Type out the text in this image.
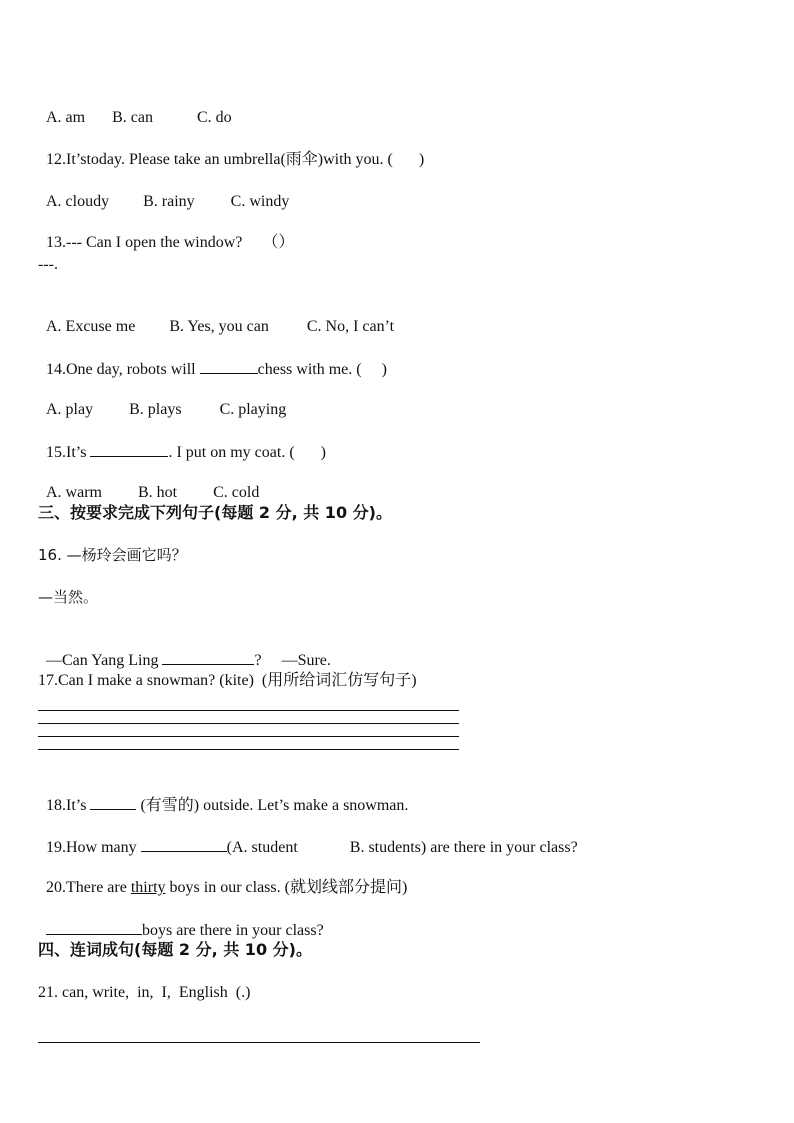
A. am B. can	C. do

12.It’stoday. Please take an umbrella(雨伞)with you. ( )

A. cloudy B. rainy C. windy

13.--- Can I open the window? （）

---.

A. Excuse me B. Yes, you can C. No, I can’t

14.One day, robots will	chess with me. ( )

A. play B. plays C. playing

15.It’s	. I put on my coat. ( )

A. warm B. hot C. cold

三、按要求完成下列句子(每题 2 分, 共 10 分)。
16. —杨玲会画它吗？
—当然。

—Can Yang Ling	? —Sure.

17.Can I make a snowman? (kite)  (用所给词汇仿写句子)

18.It’s	(有雪的) outside. Let’s make a snowman.

19.How many	(A. student	B. students) are there in your class?

20.There are thirty boys in our class. (就划线部分提问)

boys are there in your class?

四、连词成句(每题 2 分, 共 10 分)。
21. can, write,  in,  I,  English  (.)
